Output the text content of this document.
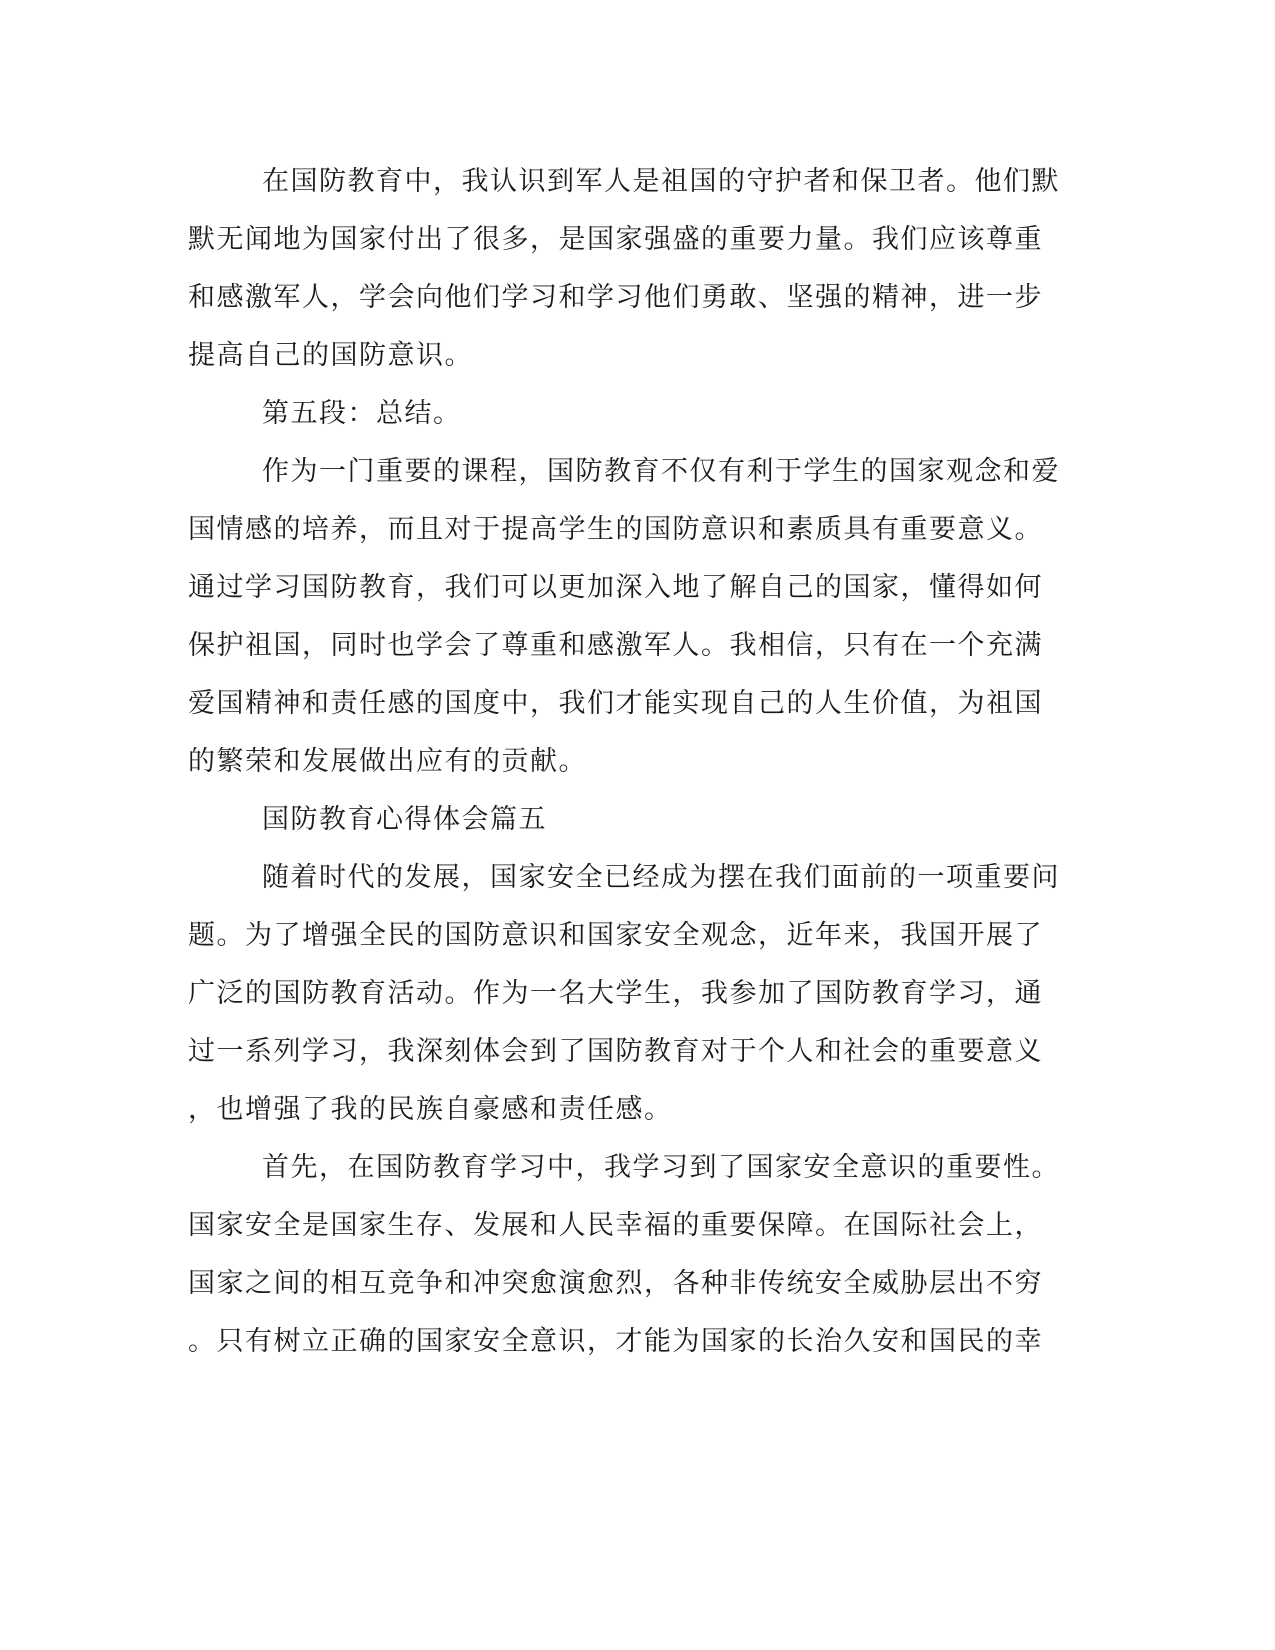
在国防教育中，我认识到军人是祖国的守护者和保卫者。他们默
默无闻地为国家付出了很多，是国家强盛的重要力量。我们应该尊重
和感激军人，学会向他们学习和学习他们勇敢、坚强的精神，进一步
提高自己的国防意识。
第五段：总结。
作为一门重要的课程，国防教育不仅有利于学生的国家观念和爱
国情感的培养，而且对于提高学生的国防意识和素质具有重要意义。
通过学习国防教育，我们可以更加深入地了解自己的国家，懂得如何
保护祖国，同时也学会了尊重和感激军人。我相信，只有在一个充满
爱国精神和责任感的国度中，我们才能实现自己的人生价值，为祖国
的繁荣和发展做出应有的贡献。
国防教育心得体会篇五
随着时代的发展，国家安全已经成为摆在我们面前的一项重要问
题。为了增强全民的国防意识和国家安全观念，近年来，我国开展了
广泛的国防教育活动。作为一名大学生，我参加了国防教育学习，通
过一系列学习，我深刻体会到了国防教育对于个人和社会的重要意义
，也增强了我的民族自豪感和责任感。
首先，在国防教育学习中，我学习到了国家安全意识的重要性。
国家安全是国家生存、发展和人民幸福的重要保障。在国际社会上，
国家之间的相互竞争和冲突愈演愈烈，各种非传统安全威胁层出不穷
。只有树立正确的国家安全意识，才能为国家的长治久安和国民的幸
